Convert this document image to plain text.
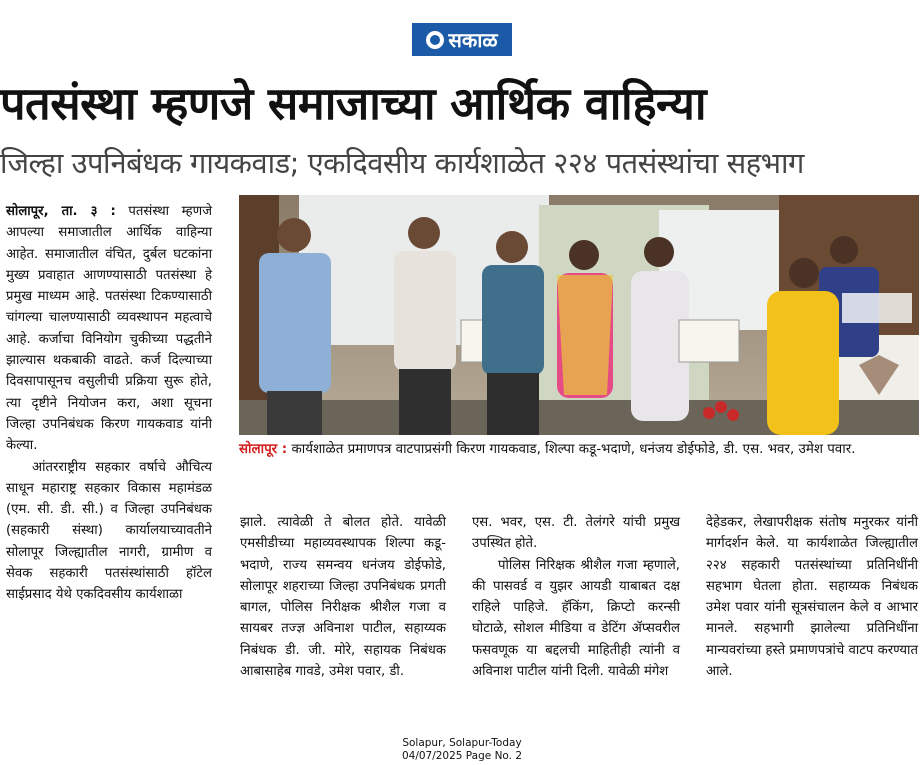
सकाळ
पतसंस्था म्हणजे समाजाच्या आर्थिक वाहिन्या
जिल्हा उपनिबंधक गायकवाड; एकदिवसीय कार्यशाळेत २२४ पतसंस्थांचा सहभाग

सोलापूर, ता. ३ : पतसंस्था म्हणजे आपल्या समाजातील आर्थिक वाहिन्या आहेत. समाजातील वंचित, दुर्बल घटकांना मुख्य प्रवाहात आणण्यासाठी पतसंस्था हे प्रमुख माध्यम आहे. पतसंस्था टिकण्यासाठी चांगल्या चालण्यासाठी व्यवस्थापन महत्वाचे आहे. कर्जाचा विनियोग चुकीच्या पद्धतीने झाल्यास थकबाकी वाढते. कर्ज दिल्याच्या दिवसापासूनच वसुलीची प्रक्रिया सुरू होते, त्या दृष्टीने नियोजन करा, अशा सूचना जिल्हा उपनिबंधक किरण गायकवाड यांनी केल्या.

आंतरराष्ट्रीय सहकार वर्षाचे औचित्य साधून महाराष्ट्र सहकार विकास महामंडळ (एम. सी. डी. सी.) व जिल्हा उपनिबंधक (सहकारी संस्था) कार्यालयाच्यावतीने सोलापूर जिल्ह्यातील नागरी, ग्रामीण व सेवक सहकारी पतसंस्थांसाठी हॉटेल साईप्रसाद येथे एकदिवसीय कार्यशाळा

सोलापूर : कार्यशाळेत प्रमाणपत्र वाटपाप्रसंगी किरण गायकवाड, शिल्पा कडू-भदाणे, धनंजय डोईफोडे, डी. एस. भवर, उमेश पवार.

झाले. त्यावेळी ते बोलत होते. यावेळी एमसीडीच्या महाव्यवस्थापक शिल्पा कडू-भदाणे, राज्य समन्वय धनंजय डोईफोडे, सोलापूर शहराच्या जिल्हा उपनिबंधक प्रगती बागल, पोलिस निरीक्षक श्रीशैल गजा व सायबर तज्ज्ञ अविनाश पाटील, सहाय्यक निबंधक डी. जी. मोरे, सहायक निबंधक आबासाहेब गावडे, उमेश पवार, डी.

एस. भवर, एस. टी. तेलंगरे यांची प्रमुख उपस्थित होते.

पोलिस निरिक्षक श्रीशैल गजा म्हणाले, की पासवर्ड व युझर आयडी याबाबत दक्ष राहिले पाहिजे. हॅकिंग, क्रिप्टो करन्सी घोटाळे, सोशल मीडिया व डेटिंग ॲप्सवरील फसवणूक या बद्दलची माहितीही त्यांनी व अविनाश पाटील यांनी दिली. यावेळी मंगेश

देहेडकर, लेखापरीक्षक संतोष मनुरकर यांनी मार्गदर्शन केले. या कार्यशाळेत जिल्ह्यातील २२४ सहकारी पतसंस्थांच्या प्रतिनिधींनी सहभाग घेतला होता. सहाय्यक निबंधक उमेश पवार यांनी सूत्रसंचालन केले व आभार मानले. सहभागी झालेल्या प्रतिनिधींना मान्यवरांच्या हस्ते प्रमाणपत्रांचे वाटप करण्यात आले.

Solapur, Solapur-Today
04/07/2025 Page No. 2
